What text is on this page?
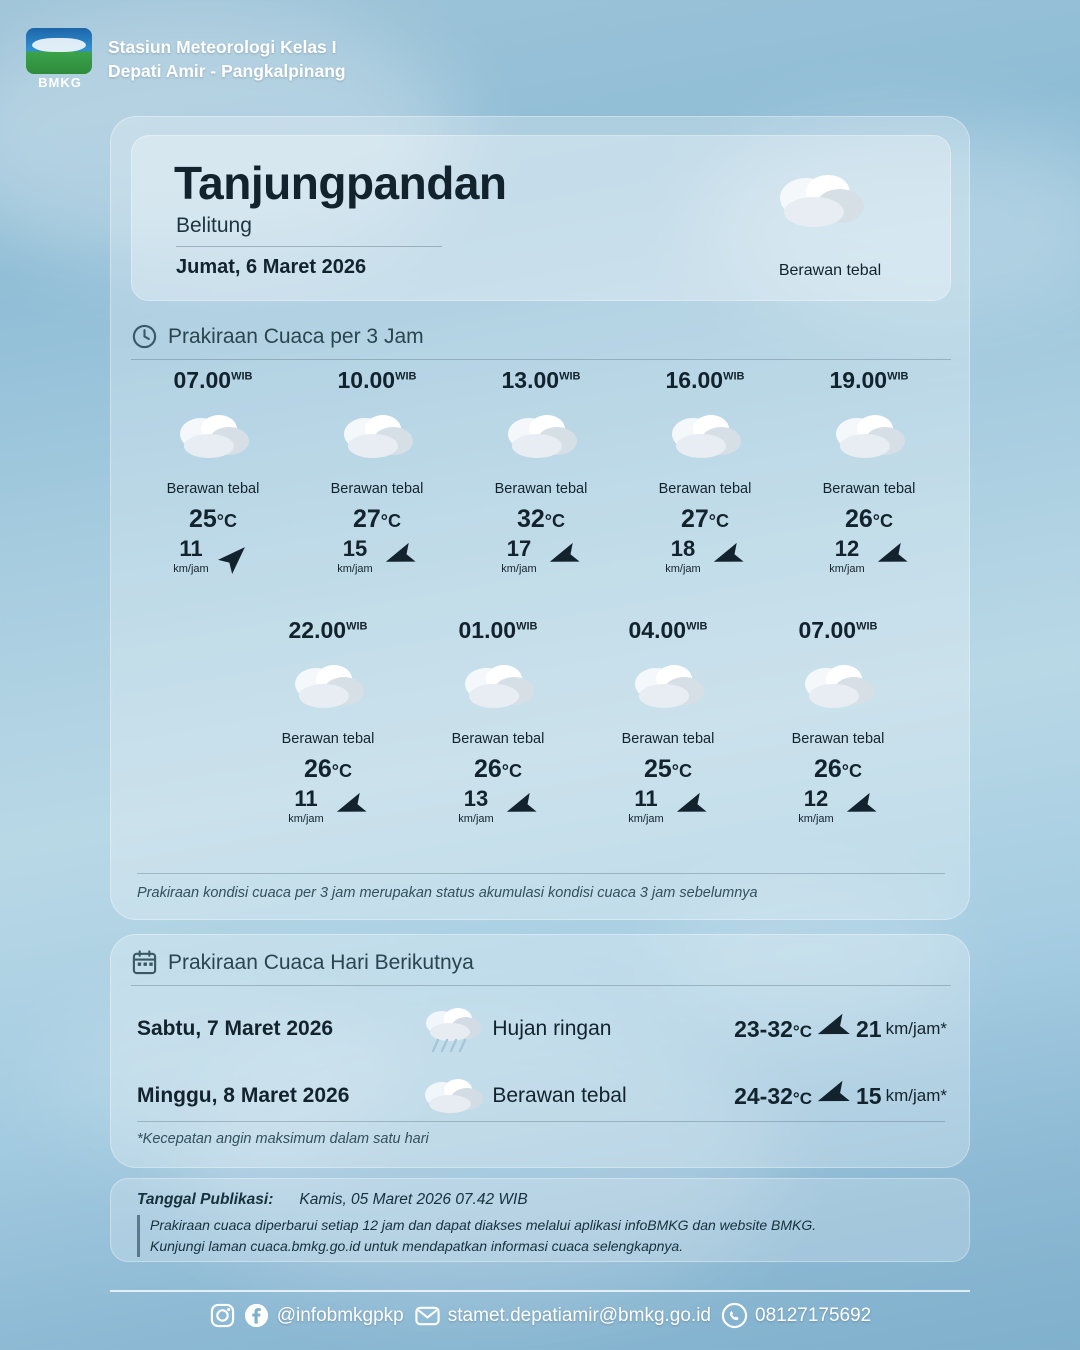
BMKG
Stasiun Meteorologi Kelas I
Depati Amir - Pangkalpinang
Tanjungpandan
Belitung
Jumat, 6 Maret 2026	Berawan tebal
Prakiraan Cuaca per 3 Jam
$07.00^{WIB}$
Berawan tebal
25°C
11
km/jam
$10.00^{WIB}$
Berawan tebal
27°C
15
km/jam
$13.00^{WIB}$
Berawan tebal
32°C
17
km/jam
$16.00^{WIB}$
Berawan tebal
27°C
18
km/jam
$19.00^{WIB}$
Berawan tebal
26°C
12
km/jam
$22.00^{WIB}$
Berawan tebal
26°C
11
km/jam
$01.00^{WIB}$
Berawan tebal
26°C
13
km/jam
$04.00^{WIB}$
Berawan tebal
25°C
11
km/jam
$07.00^{WIB}$
Berawan tebal
26°C
12
km/jam
Prakiraan kondisi cuaca per 3 jam merupakan status akumulasi kondisi cuaca 3 jam sebelumnya
Prakiraan Cuaca Hari Berikutnya
Sabtu, 7 Maret 2026	Hujan ringan	23-32°C 21 km/jam*
Minggu, 8 Maret 2026	Berawan tebal	24-32°C 15 km/jam*
*Kecepatan angin maksimum dalam satu hari
Tanggal Publikasi: Kamis, 05 Maret 2026 07.42 WIB
Prakiraan cuaca diperbarui setiap 12 jam dan dapat diakses melalui aplikasi infoBMKG dan website BMKG.
Kunjungi laman cuaca.bmkg.go.id untuk mendapatkan informasi cuaca selengkapnya.
@infobmkgpkp stamet.depatiamir@bmkg.go.id 08127175692
